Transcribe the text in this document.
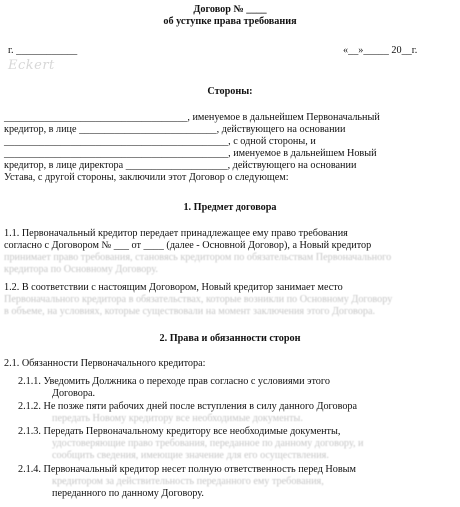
Договор № ____
об уступке права требования
г. ____________	«__»_____ 20__г.
Eckert
Стороны:
____________________________________, именуемое в дальнейшем Первоначальный
кредитор, в лице ___________________________, действующего на основании
____________________________________________, с одной стороны, и
____________________________________________, именуемое в дальнейшем Новый
кредитор, в лице директора ____________________, действующего на основании
Устава, с другой стороны, заключили этот Договор о следующем:
1. Предмет договора
1.1. Первоначальный кредитор передает принадлежащее ему право требования
согласно с Договором № ___ от ____ (далее - Основной Договор), а Новый кредитор
принимает право требования, становясь кредитором по обязательствам Первоначального
кредитора по Основному Договору.
1.2. В соответствии с настоящим Договором, Новый кредитор занимает место
Первоначального кредитора в обязательствах, которые возникли по Основному Договору
в объеме, на условиях, которые существовали на момент заключения этого Договора.
2. Права и обязанности сторон
2.1. Обязанности Первоначального кредитора:
2.1.1. Уведомить Должника о переходе прав согласно с условиями этого
Договора.
2.1.2. Не позже пяти рабочих дней после вступления в силу данного Договора
передать Новому кредитору все необходимые документы.
2.1.3. Передать Первоначальному кредитору все необходимые документы,
удостоверяющие право требования, переданное по данному договору, и
сообщить сведения, имеющие значение для его осуществления.
2.1.4. Первоначальный кредитор несет полную ответственность перед Новым
кредитором за действительность переданного ему требования,
переданного по данному Договору.
